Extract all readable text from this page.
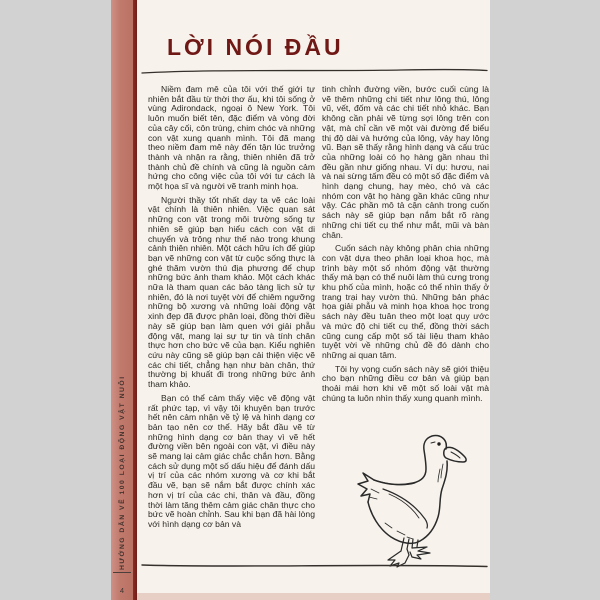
HƯỚNG DẪN VẼ 100 LOẠI ĐỘNG VẬT NUÔI
4
LỜI NÓI ĐẦU

Niềm đam mê của tôi với thế giới tự nhiên bắt đầu từ thời thơ ấu, khi tôi sống ở vùng Adirondack, ngoại ô New York. Tôi luôn muốn biết tên, đặc điểm và vòng đời của cây cối, côn trùng, chim chóc và những con vật xung quanh mình. Tôi đã mang theo niềm đam mê này đến tận lúc trưởng thành và nhận ra rằng, thiên nhiên đã trở thành chủ đề chính và cũng là nguồn cảm hứng cho công việc của tôi với tư cách là một họa sĩ và người vẽ tranh minh họa.

Người thầy tốt nhất dạy ta vẽ các loài vật chính là thiên nhiên. Việc quan sát những con vật trong môi trường sống tự nhiên sẽ giúp bạn hiểu cách con vật di chuyển và trông như thế nào trong khung cảnh thiên nhiên. Một cách hữu ích để giúp bạn vẽ những con vật từ cuộc sống thực là ghé thăm vườn thú địa phương để chụp những bức ảnh tham khảo. Một cách khác nữa là tham quan các bảo tàng lịch sử tự nhiên, đó là nơi tuyệt vời để chiêm ngưỡng những bộ xương và những loài động vật xinh đẹp đã được phân loại, đồng thời điều này sẽ giúp bạn làm quen với giải phẫu động vật, mang lại sự tự tin và tính chân thực hơn cho bức vẽ của bạn. Kiểu nghiên cứu này cũng sẽ giúp bạn cải thiện việc vẽ các chi tiết, chẳng hạn như bàn chân, thứ thường bị khuất đi trong những bức ảnh tham khảo.

Bạn có thể cảm thấy việc vẽ động vật rất phức tạp, vì vậy tôi khuyên bạn trước hết nên cảm nhận về tỷ lệ và hình dạng cơ bản tạo nên cơ thể. Hãy bắt đầu vẽ từ những hình dạng cơ bản thay vì vẽ hết đường viền bên ngoài con vật, vì điều này sẽ mang lại cảm giác chắc chắn hơn. Bằng cách sử dụng một số dấu hiệu để đánh dấu vị trí của các nhóm xương và cơ khi bắt đầu vẽ, bạn sẽ nắm bắt được chính xác hơn vị trí của các chi, thân và đầu, đồng thời làm tăng thêm cảm giác chân thực cho bức vẽ hoàn chỉnh. Sau khi bạn đã hài lòng với hình dạng cơ bản và

tinh chỉnh đường viền, bước cuối cùng là vẽ thêm những chi tiết như lông thú, lông vũ, vết, đốm và các chi tiết nhỏ khác. Bạn không cần phải vẽ từng sợi lông trên con vật, mà chỉ cần vẽ một vài đường để biểu thị độ dài và hướng của lông, vảy hay lông vũ. Bạn sẽ thấy rằng hình dạng và cấu trúc của những loài có họ hàng gần nhau thì đều gần như giống nhau. Ví dụ: hươu, nai và nai sừng tấm đều có một số đặc điểm và hình dạng chung, hay mèo, chó và các nhóm con vật họ hàng gần khác cũng như vậy. Các phần mô tả cận cảnh trong cuốn sách này sẽ giúp bạn nắm bắt rõ ràng những chi tiết cụ thể như mắt, mũi và bàn chân.

Cuốn sách này không phân chia những con vật dựa theo phân loại khoa học, mà trình bày một số nhóm động vật thường thấy mà bạn có thể nuôi làm thú cưng trong khu phố của mình, hoặc có thể nhìn thấy ở trang trại hay vườn thú. Những bản phác họa giải phẫu và minh họa khoa học trong sách này đều tuân theo một loạt quy ước và mức độ chi tiết cụ thể, đồng thời sách cũng cung cấp một số tài liệu tham khảo tuyệt vời về những chủ đề đó dành cho những ai quan tâm.

Tôi hy vọng cuốn sách này sẽ giới thiệu cho bạn những điều cơ bản và giúp bạn thoải mái hơn khi vẽ một số loài vật mà chúng ta luôn nhìn thấy xung quanh mình.
